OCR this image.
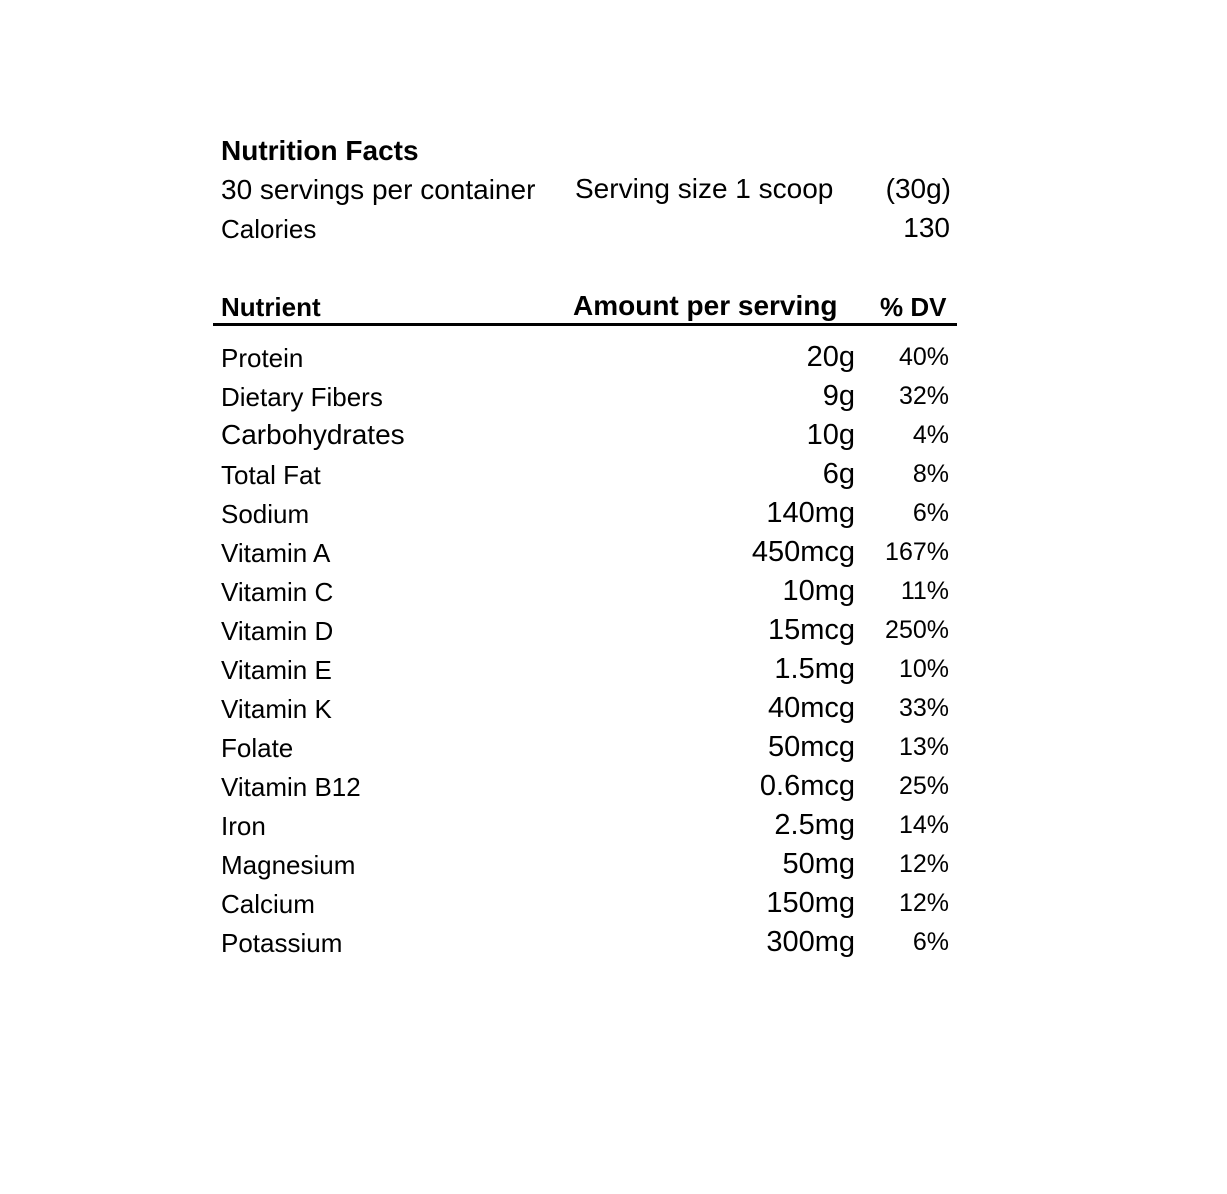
Nutrition Facts
30 servings per container Serving size 1 scoop (30g)
Calories	130
Nutrient	Amount per serving % DV
Protein	20g 40%
Dietary Fibers	9g 32%
Carbohydrates	10g 4%
Total Fat	6g 8%
Sodium	140mg 6%
Vitamin A	450mcg 167%
Vitamin C	10mg 11%
Vitamin D	15mcg 250%
Vitamin E	1.5mg 10%
Vitamin K	40mcg 33%
Folate	50mcg 13%
Vitamin B12	0.6mcg 25%
Iron	2.5mg 14%
Magnesium	50mg 12%
Calcium	150mg 12%
Potassium	300mg 6%
